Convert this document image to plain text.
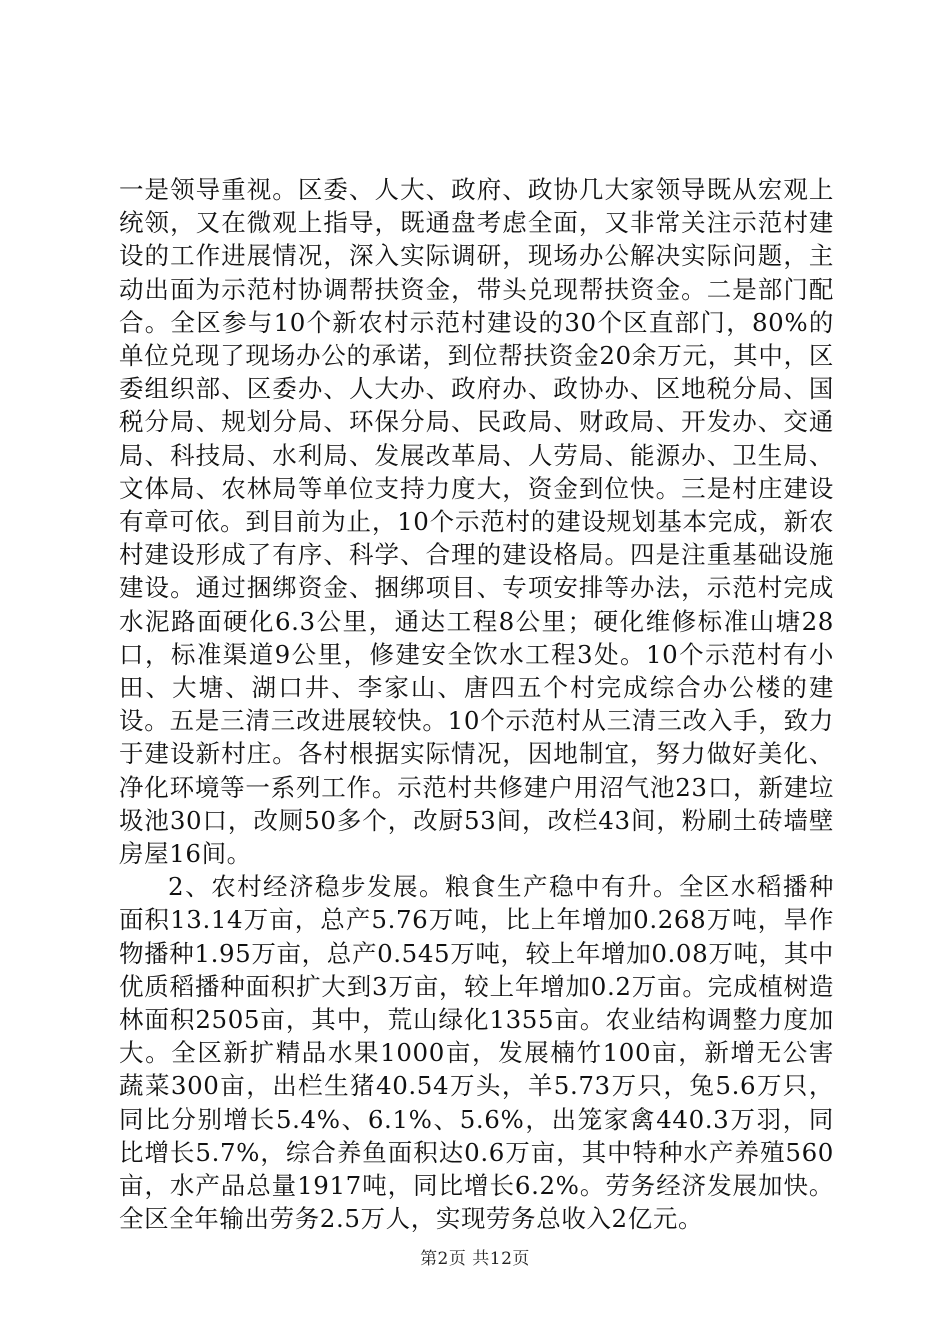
一是领导重视。区委、人大、政府、政协几大家领导既从宏观上统领，又在微观上指导，既通盘考虑全面，又非常关注示范村建设的工作进展情况，深入实际调研，现场办公解决实际问题，主动出面为示范村协调帮扶资金，带头兑现帮扶资金。二是部门配合。全区参与10个新农村示范村建设的30个区直部门，80%的单位兑现了现场办公的承诺，到位帮扶资金20余万元，其中，区委组织部、区委办、人大办、政府办、政协办、区地税分局、国税分局、规划分局、环保分局、民政局、财政局、开发办、交通局、科技局、水利局、发展改革局、人劳局、能源办、卫生局、文体局、农林局等单位支持力度大，资金到位快。三是村庄建设有章可依。到目前为止，10个示范村的建设规划基本完成，新农村建设形成了有序、科学、合理的建设格局。四是注重基础设施建设。通过捆绑资金、捆绑项目、专项安排等办法，示范村完成水泥路面硬化6.3公里，通达工程8公里；硬化维修标准山塘28口，标准渠道9公里，修建安全饮水工程3处。10个示范村有小田、大塘、湖口井、李家山、唐四五个村完成综合办公楼的建设。五是三清三改进展较快。10个示范村从三清三改入手，致力于建设新村庄。各村根据实际情况，因地制宜，努力做好美化、净化环境等一系列工作。示范村共修建户用沼气池23口，新建垃圾池30口，改厕50多个，改厨53间，改栏43间，粉刷土砖墙壁房屋16间。

2、农村经济稳步发展。粮食生产稳中有升。全区水稻播种面积13.14万亩，总产5.76万吨，比上年增加0.268万吨，旱作物播种1.95万亩，总产0.545万吨，较上年增加0.08万吨，其中优质稻播种面积扩大到3万亩，较上年增加0.2万亩。完成植树造林面积2505亩，其中，荒山绿化1355亩。农业结构调整力度加大。全区新扩精品水果1000亩，发展楠竹100亩，新增无公害蔬菜300亩，出栏生猪40.54万头，羊5.73万只，兔5.6万只，同比分别增长5.4%、6.1%、5.6%，出笼家禽440.3万羽，同比增长5.7%，综合养鱼面积达0.6万亩，其中特种水产养殖560亩，水产品总量1917吨，同比增长6.2%。劳务经济发展加快。全区全年输出劳务2.5万人，实现劳务总收入2亿元。

第2页 共12页
